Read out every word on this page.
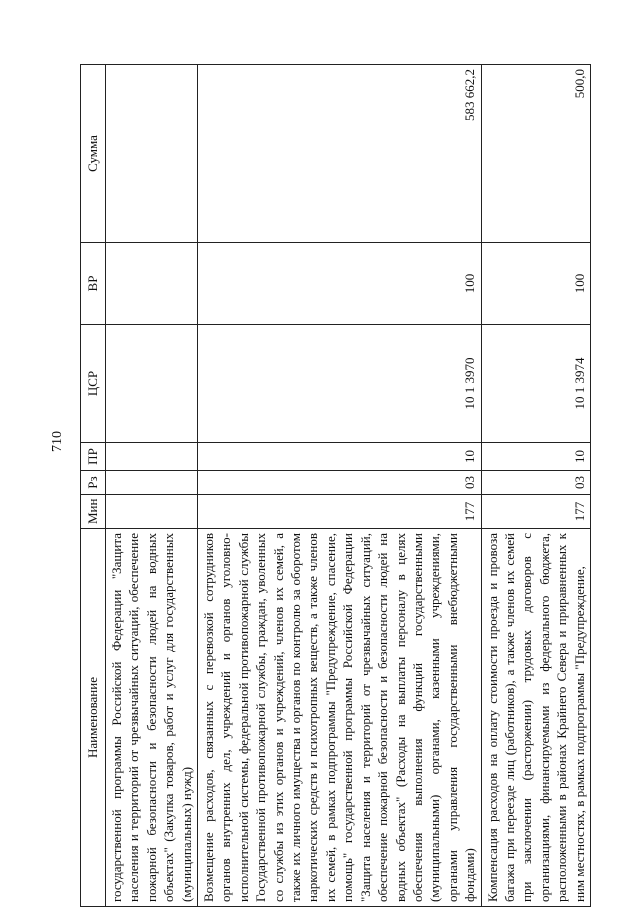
710
Наименование	Мин	Рз	ПР	ЦСР	ВР	Сумма
государственной программы Российской Федерации "Защита населения и территорий от чрезвычайных ситуаций, обеспечение пожарной безопасности и безопасности людей на водных объектах" (Закупка товаров, работ и услуг для государственных (муниципальных) нужд)						
Возмещение расходов, связанных с перевозкой сотрудников органов внутренних дел, учреждений и органов уголовно-исполнительной системы, федеральной противопожарной службы Государственной противопожарной службы, граждан, уволенных со службы из этих органов и учреждений, членов их семей, а также их личного имущества и органов по контролю за оборотом наркотических средств и психотропных веществ, а также членов их семей, в рамках подпрограммы "Предупреждение, спасение, помощь" государственной программы Российской Федерации "Защита населения и территорий от чрезвычайных ситуаций, обеспечение пожарной безопасности и безопасности людей на водных объектах" (Расходы на выплаты персоналу в целях обеспечения выполнения функций государственными (муниципальными) органами, казенными учреждениями, органами управления государственными внебюджетными фондами)	177	03	10	10 1 3970	100	583 662,2
Компенсация расходов на оплату стоимости проезда и провоза багажа при переезде лиц (работников), а также членов их семей при заключении (расторжении) трудовых договоров с организациями, финансируемыми из федерального бюджета, расположенными в районах Крайнего Севера и приравненных к ним местностях, в рамках подпрограммы "Предупреждение,	177	03	10	10 1 3974	100	500,0
